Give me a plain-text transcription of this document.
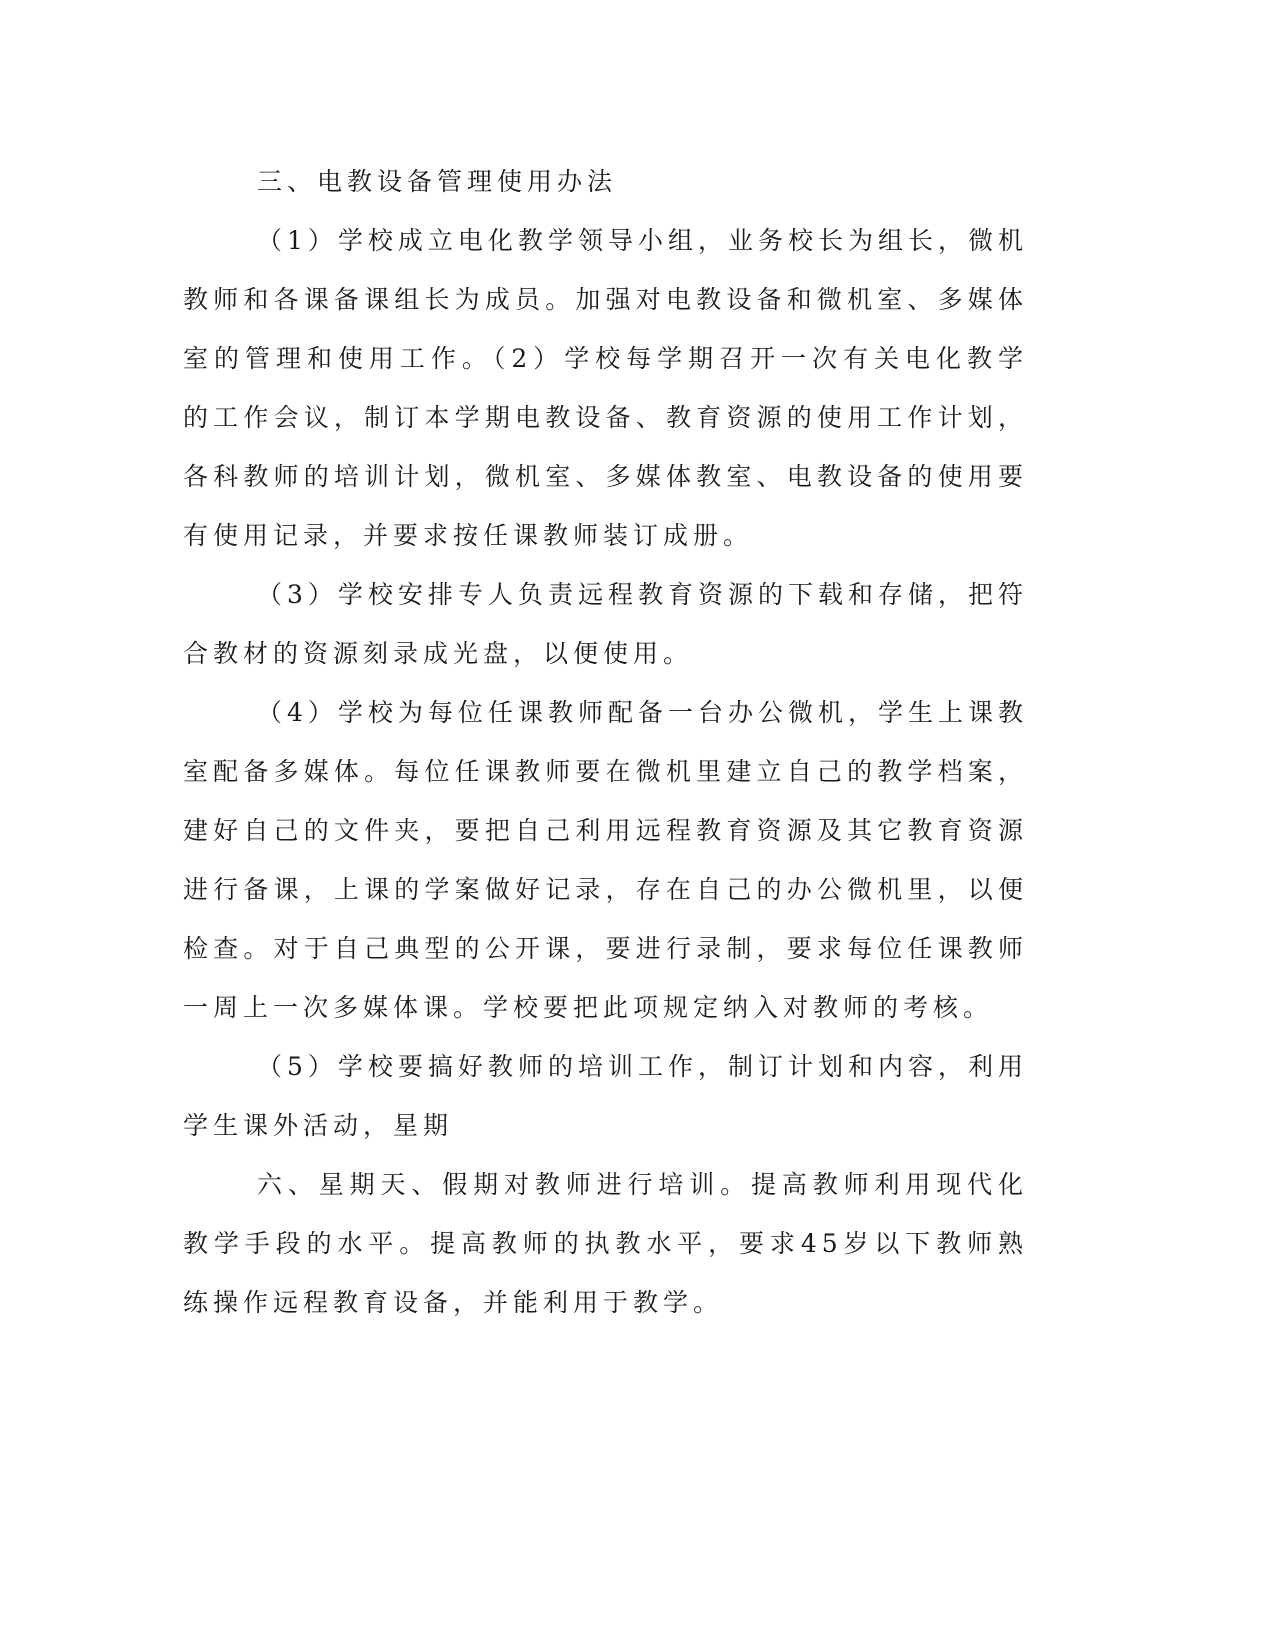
三、电教设备管理使用办法

（1）学校成立电化教学领导小组，业务校长为组长，微机教师和各课备课组长为成员。加强对电教设备和微机室、多媒体室的管理和使用工作。（2）学校每学期召开一次有关电化教学的工作会议，制订本学期电教设备、教育资源的使用工作计划，各科教师的培训计划，微机室、多媒体教室、电教设备的使用要有使用记录，并要求按任课教师装订成册。

（3）学校安排专人负责远程教育资源的下载和存储，把符合教材的资源刻录成光盘，以便使用。

（4）学校为每位任课教师配备一台办公微机，学生上课教室配备多媒体。每位任课教师要在微机里建立自己的教学档案，建好自己的文件夹，要把自己利用远程教育资源及其它教育资源进行备课，上课的学案做好记录，存在自己的办公微机里，以便检查。对于自己典型的公开课，要进行录制，要求每位任课教师一周上一次多媒体课。学校要把此项规定纳入对教师的考核。

（5）学校要搞好教师的培训工作，制订计划和内容，利用学生课外活动，星期

六、星期天、假期对教师进行培训。提高教师利用现代化教学手段的水平。提高教师的执教水平，要求45岁以下教师熟练操作远程教育设备，并能利用于教学。
